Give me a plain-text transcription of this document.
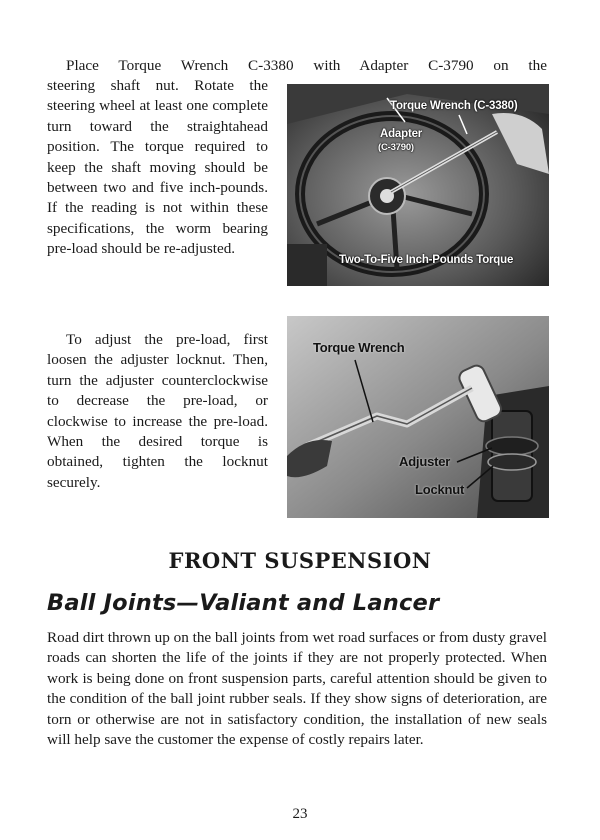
Place Torque Wrench C-3380 with Adapter C-3790 on the

steering shaft nut. Rotate the steering wheel at least one complete turn toward the straightahead position. The torque required to keep the shaft moving should be between two and five inch-pounds. If the reading is not within these specifications, the worm bearing pre-load should be re-adjusted.

Torque Wrench (C-3380)
Adapter
(C-3790)
Two-To-Five Inch-Pounds Torque

To adjust the pre-load, first loosen the adjuster locknut. Then, turn the adjuster counterclockwise to decrease the pre-load, or clockwise to increase the pre-load. When the desired torque is obtained, tighten the locknut securely.

Torque Wrench
Adjuster
Locknut
FRONT SUSPENSION
Ball Joints—Valiant and Lancer

Road dirt thrown up on the ball joints from wet road surfaces or from dusty gravel roads can shorten the life of the joints if they are not properly protected. When work is being done on front suspension parts, careful attention should be given to the condition of the ball joint rubber seals. If they show signs of deterioration, are torn or otherwise are not in satisfactory condition, the installation of new seals will help save the customer the expense of costly repairs later.

23
